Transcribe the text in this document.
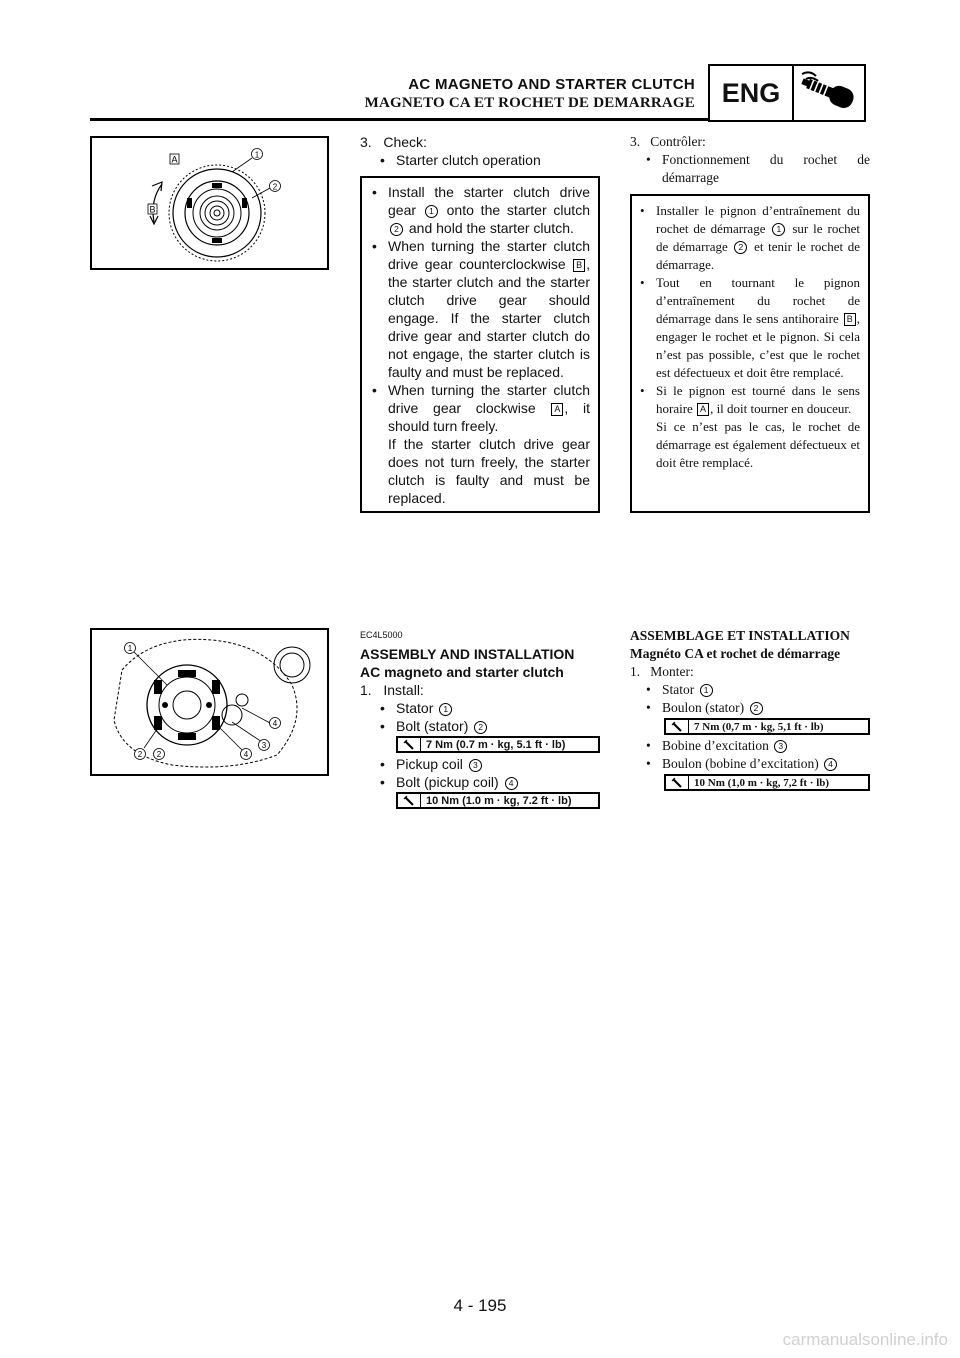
AC MAGNETO AND STARTER CLUTCH
MAGNETO CA ET ROCHET DE DEMARRAGE ENG
A
B
1
2
3. Check:
• Starter clutch operation
• Install the starter clutch drive gear 1 onto the starter clutch 2 and hold the starter clutch.
• When turning the starter clutch drive gear counterclockwise B , the starter clutch and the starter clutch drive gear should engage. If the starter clutch drive gear and starter clutch do not engage, the starter clutch is faulty and must be replaced.
• When turning the starter clutch drive gear clockwise A , it should turn freely.
If the starter clutch drive gear does not turn freely, the starter clutch is faulty and must be replaced.
3. Contrôler:
• Fonctionnement du rochet de démarrage
• Installer le pignon d’entraînement du rochet de démarrage 1 sur le rochet de démarrage 2 et tenir le rochet de démarrage.
• Tout en tournant le pignon d’entraînement du rochet de démarrage dans le sens antihoraire B , engager le rochet et le pignon. Si cela n’est pas possible, c’est que le rochet est défectueux et doit être remplacé.
• Si le pignon est tourné dans le sens horaire A , il doit tourner en douceur.
Si ce n’est pas le cas, le rochet de démarrage est également défectueux et doit être remplacé.
1
2 2	4
3
4
EC4L5000
ASSEMBLY AND INSTALLATION
AC magneto and starter clutch
1. Install:
• Stator 1
• Bolt (stator) 2
7 Nm (0.7 m · kg, 5.1 ft · lb)
• Pickup coil 3
• Bolt (pickup coil) 4
10 Nm (1.0 m · kg, 7.2 ft · lb)
ASSEMBLAGE ET INSTALLATION
Magnéto CA et rochet de démarrage
1. Monter:
• Stator 1
• Boulon (stator) 2
7 Nm (0,7 m · kg, 5,1 ft · lb)
• Bobine d’excitation 3
• Boulon (bobine d’excitation) 4
10 Nm (1,0 m · kg, 7,2 ft · lb)
4 - 195
carmanualsonline.info
